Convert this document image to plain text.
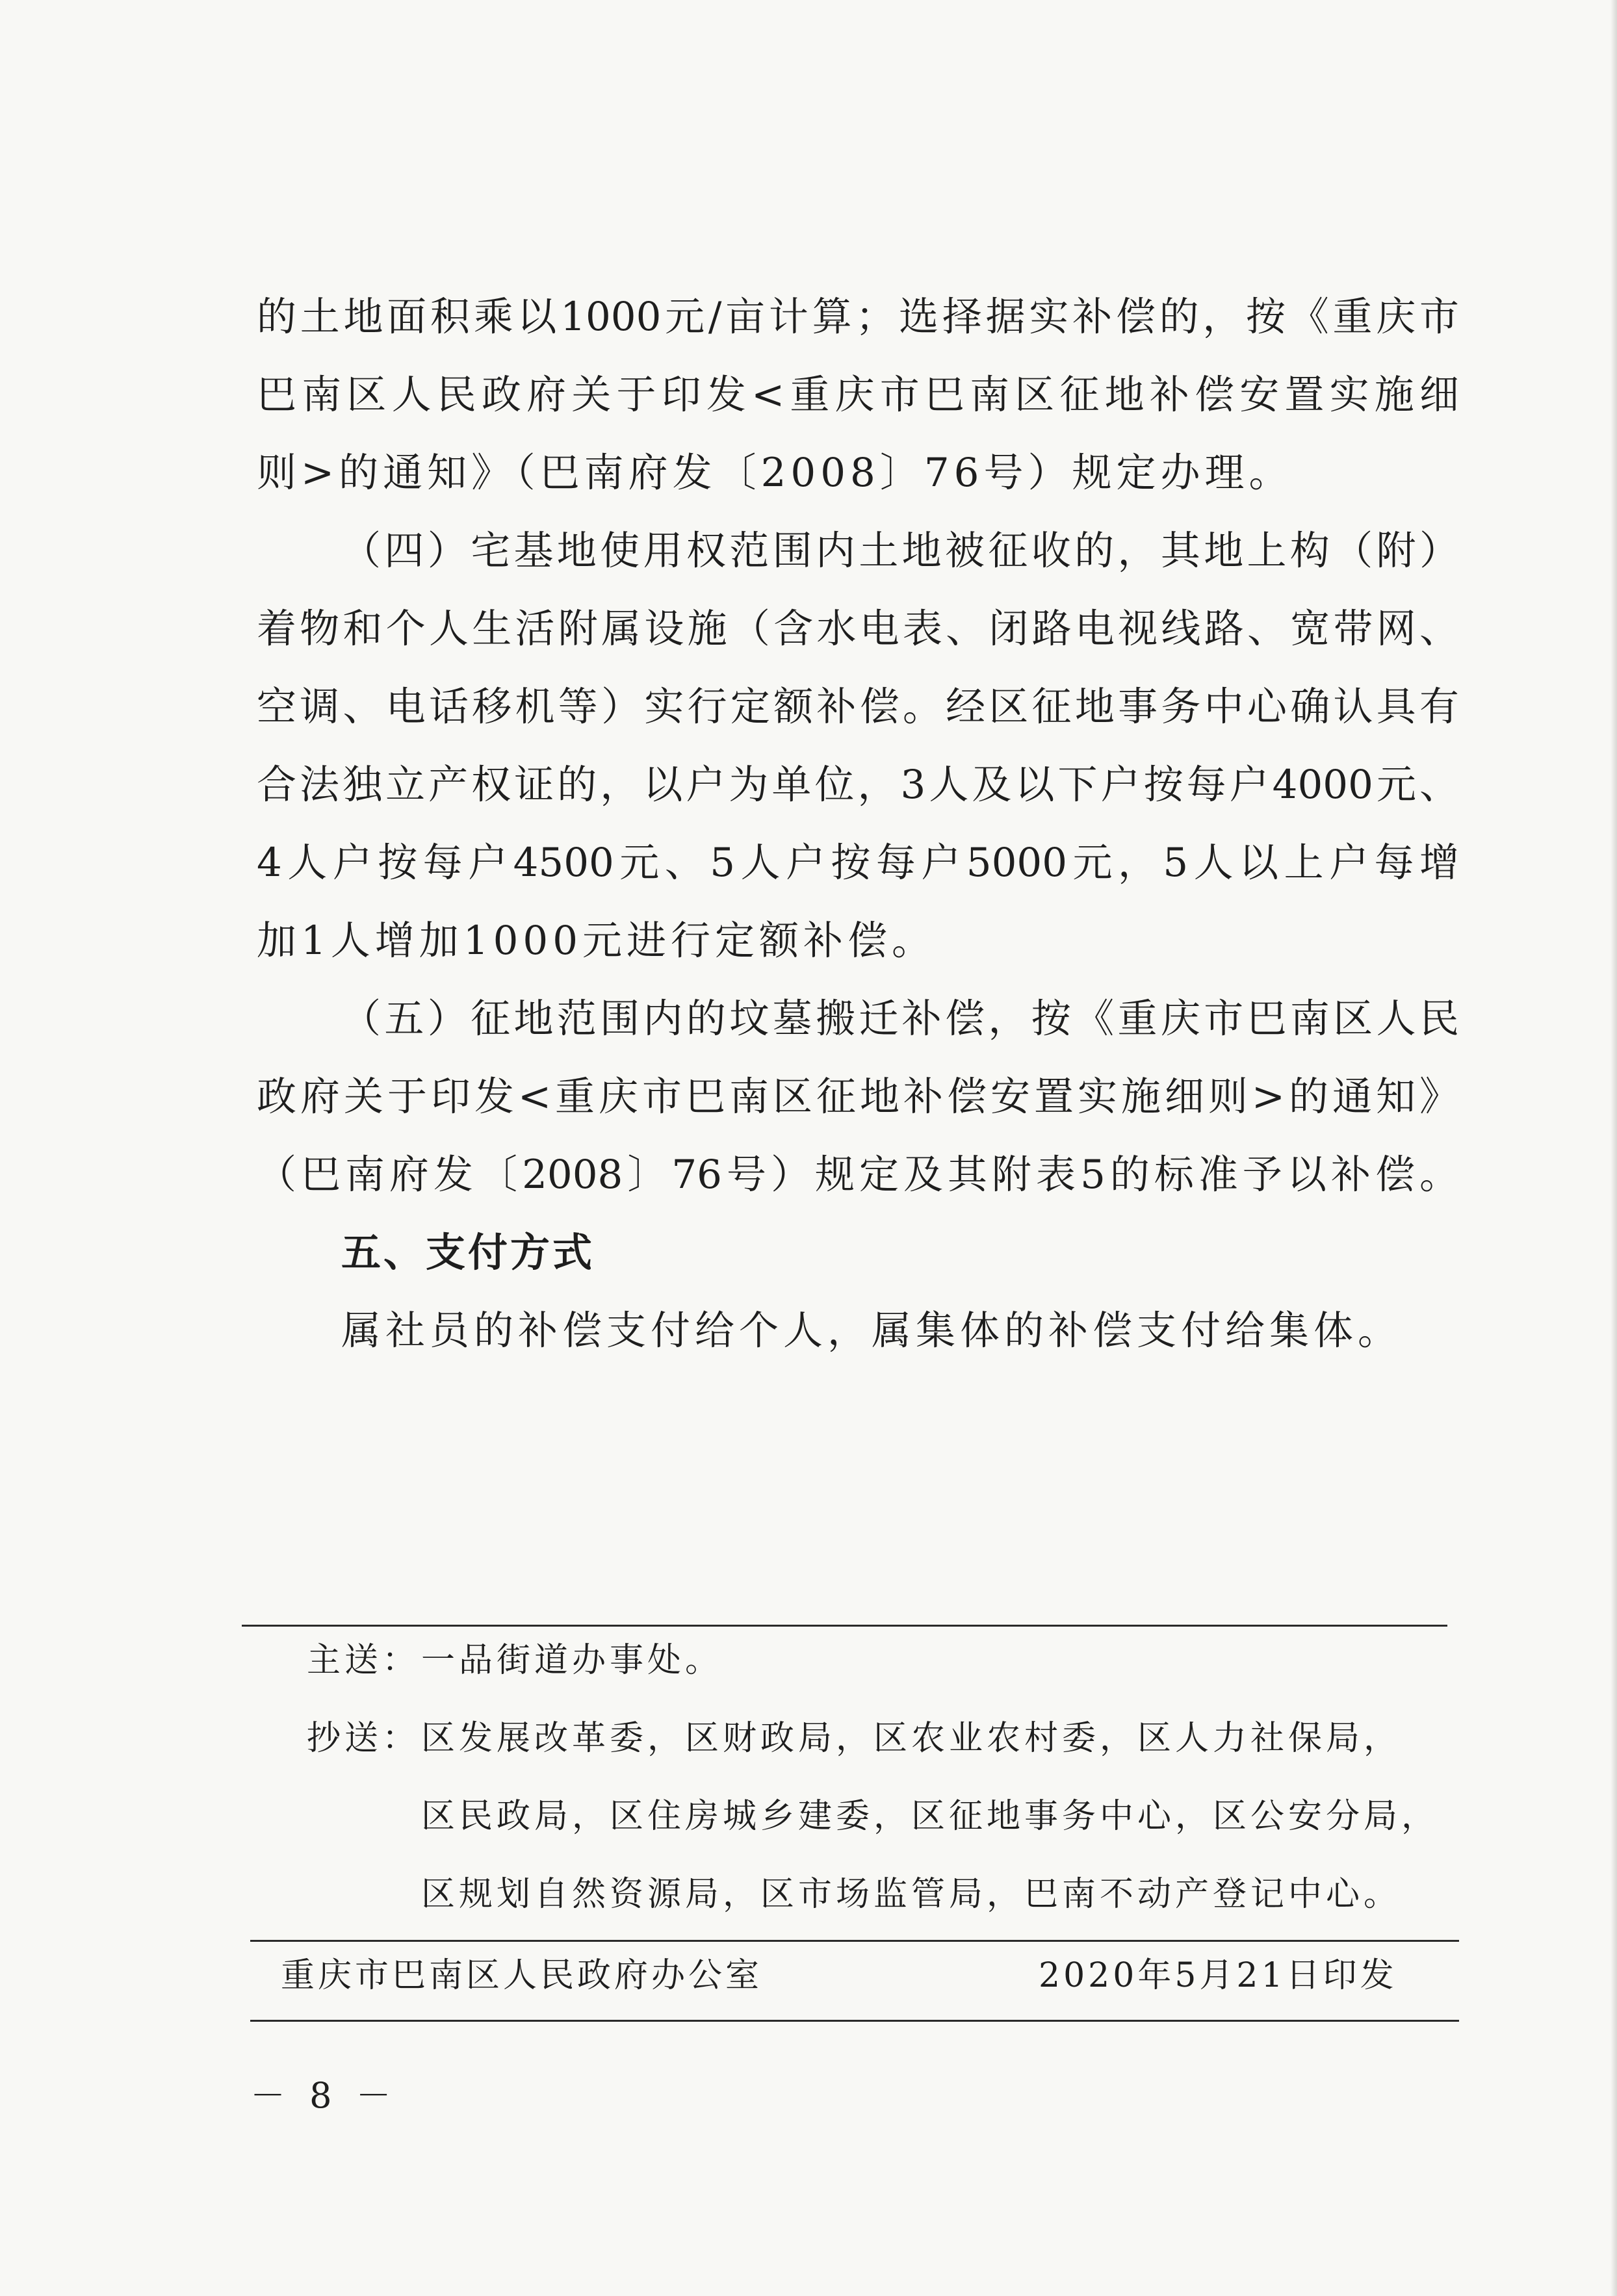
的土地面积乘以1000元/亩计算；选择据实补偿的，按《重庆市
巴南区人民政府关于印发<重庆市巴南区征地补偿安置实施细
则>的通知》（巴南府发〔2008〕76号）规定办理。
（四）宅基地使用权范围内土地被征收的，其地上构（附）
着物和个人生活附属设施（含水电表、闭路电视线路、宽带网、
空调、电话移机等）实行定额补偿。经区征地事务中心确认具有
合法独立产权证的，以户为单位，3人及以下户按每户4000元、
4人户按每户4500元、5人户按每户5000元，5人以上户每增
加1人增加1000元进行定额补偿。
（五）征地范围内的坟墓搬迁补偿，按《重庆市巴南区人民
政府关于印发<重庆市巴南区征地补偿安置实施细则>的通知》
（巴南府发〔2008〕76号）规定及其附表5的标准予以补偿。
五、支付方式
属社员的补偿支付给个人，属集体的补偿支付给集体。
主送： 一品街道办事处。
抄送： 区发展改革委，区财政局，区农业农村委，区人力社保局，
区民政局，区住房城乡建委，区征地事务中心，区公安分局，
区规划自然资源局，区市场监管局，巴南不动产登记中心。
重庆市巴南区人民政府办公室	2020年5月21日印发
－ 8 －
